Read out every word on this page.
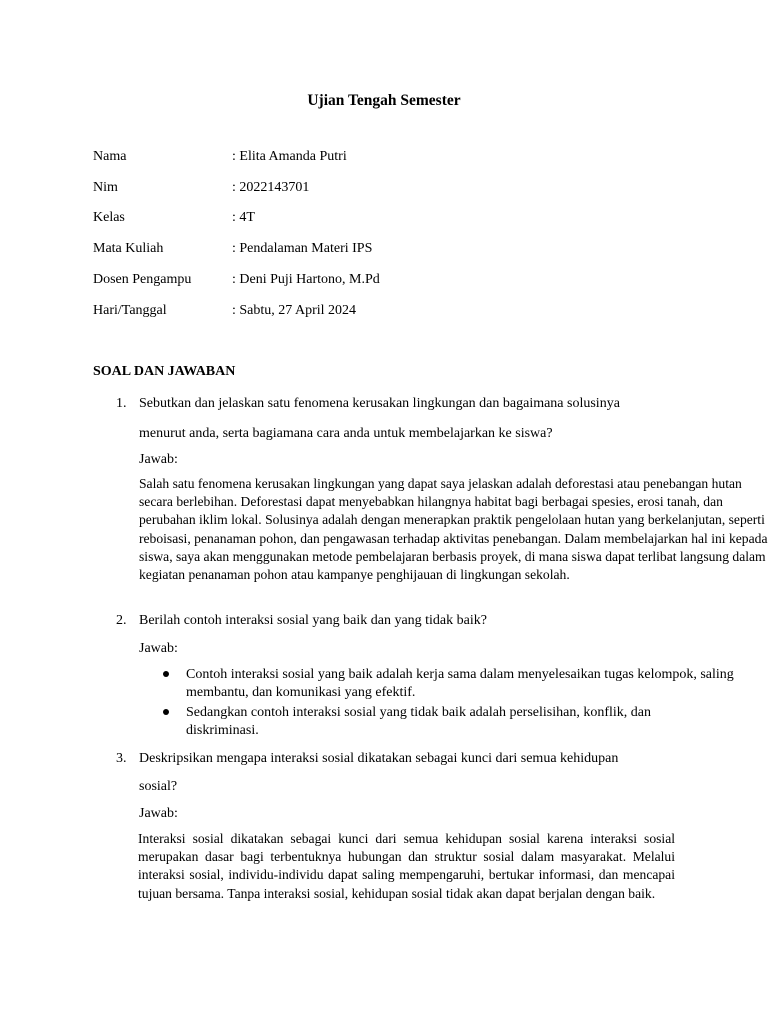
Ujian Tengah Semester
Nama	: Elita Amanda Putri
Nim	: 2022143701
Kelas	: 4T
Mata Kuliah	: Pendalaman Materi IPS
Dosen Pengampu	: Deni Puji Hartono, M.Pd
Hari/Tanggal	: Sabtu, 27 April 2024
SOAL DAN JAWABAN
1. Sebutkan dan jelaskan satu fenomena kerusakan lingkungan dan bagaimana solusinya
menurut anda, serta bagiamana cara anda untuk membelajarkan ke siswa?
Jawab:
Salah satu fenomena kerusakan lingkungan yang dapat saya jelaskan adalah deforestasi atau penebangan hutan secara berlebihan. Deforestasi dapat menyebabkan hilangnya habitat bagi berbagai spesies, erosi tanah, dan perubahan iklim lokal. Solusinya adalah dengan menerapkan praktik pengelolaan hutan yang berkelanjutan, seperti reboisasi, penanaman pohon, dan pengawasan terhadap aktivitas penebangan. Dalam membelajarkan hal ini kepada siswa, saya akan menggunakan metode pembelajaran berbasis proyek, di mana siswa dapat terlibat langsung dalam kegiatan penanaman pohon atau kampanye penghijauan di lingkungan sekolah.
2. Berilah contoh interaksi sosial yang baik dan yang tidak baik?
Jawab:
Contoh interaksi sosial yang baik adalah kerja sama dalam menyelesaikan tugas kelompok, saling membantu, dan komunikasi yang efektif.
Sedangkan contoh interaksi sosial yang tidak baik adalah perselisihan, konflik, dan diskriminasi.
3. Deskripsikan mengapa interaksi sosial dikatakan sebagai kunci dari semua kehidupan
sosial?
Jawab:
Interaksi sosial dikatakan sebagai kunci dari semua kehidupan sosial karena interaksi sosial merupakan dasar bagi terbentuknya hubungan dan struktur sosial dalam masyarakat. Melalui interaksi sosial, individu-individu dapat saling mempengaruhi, bertukar informasi, dan mencapai tujuan bersama. Tanpa interaksi sosial, kehidupan sosial tidak akan dapat berjalan dengan baik.
